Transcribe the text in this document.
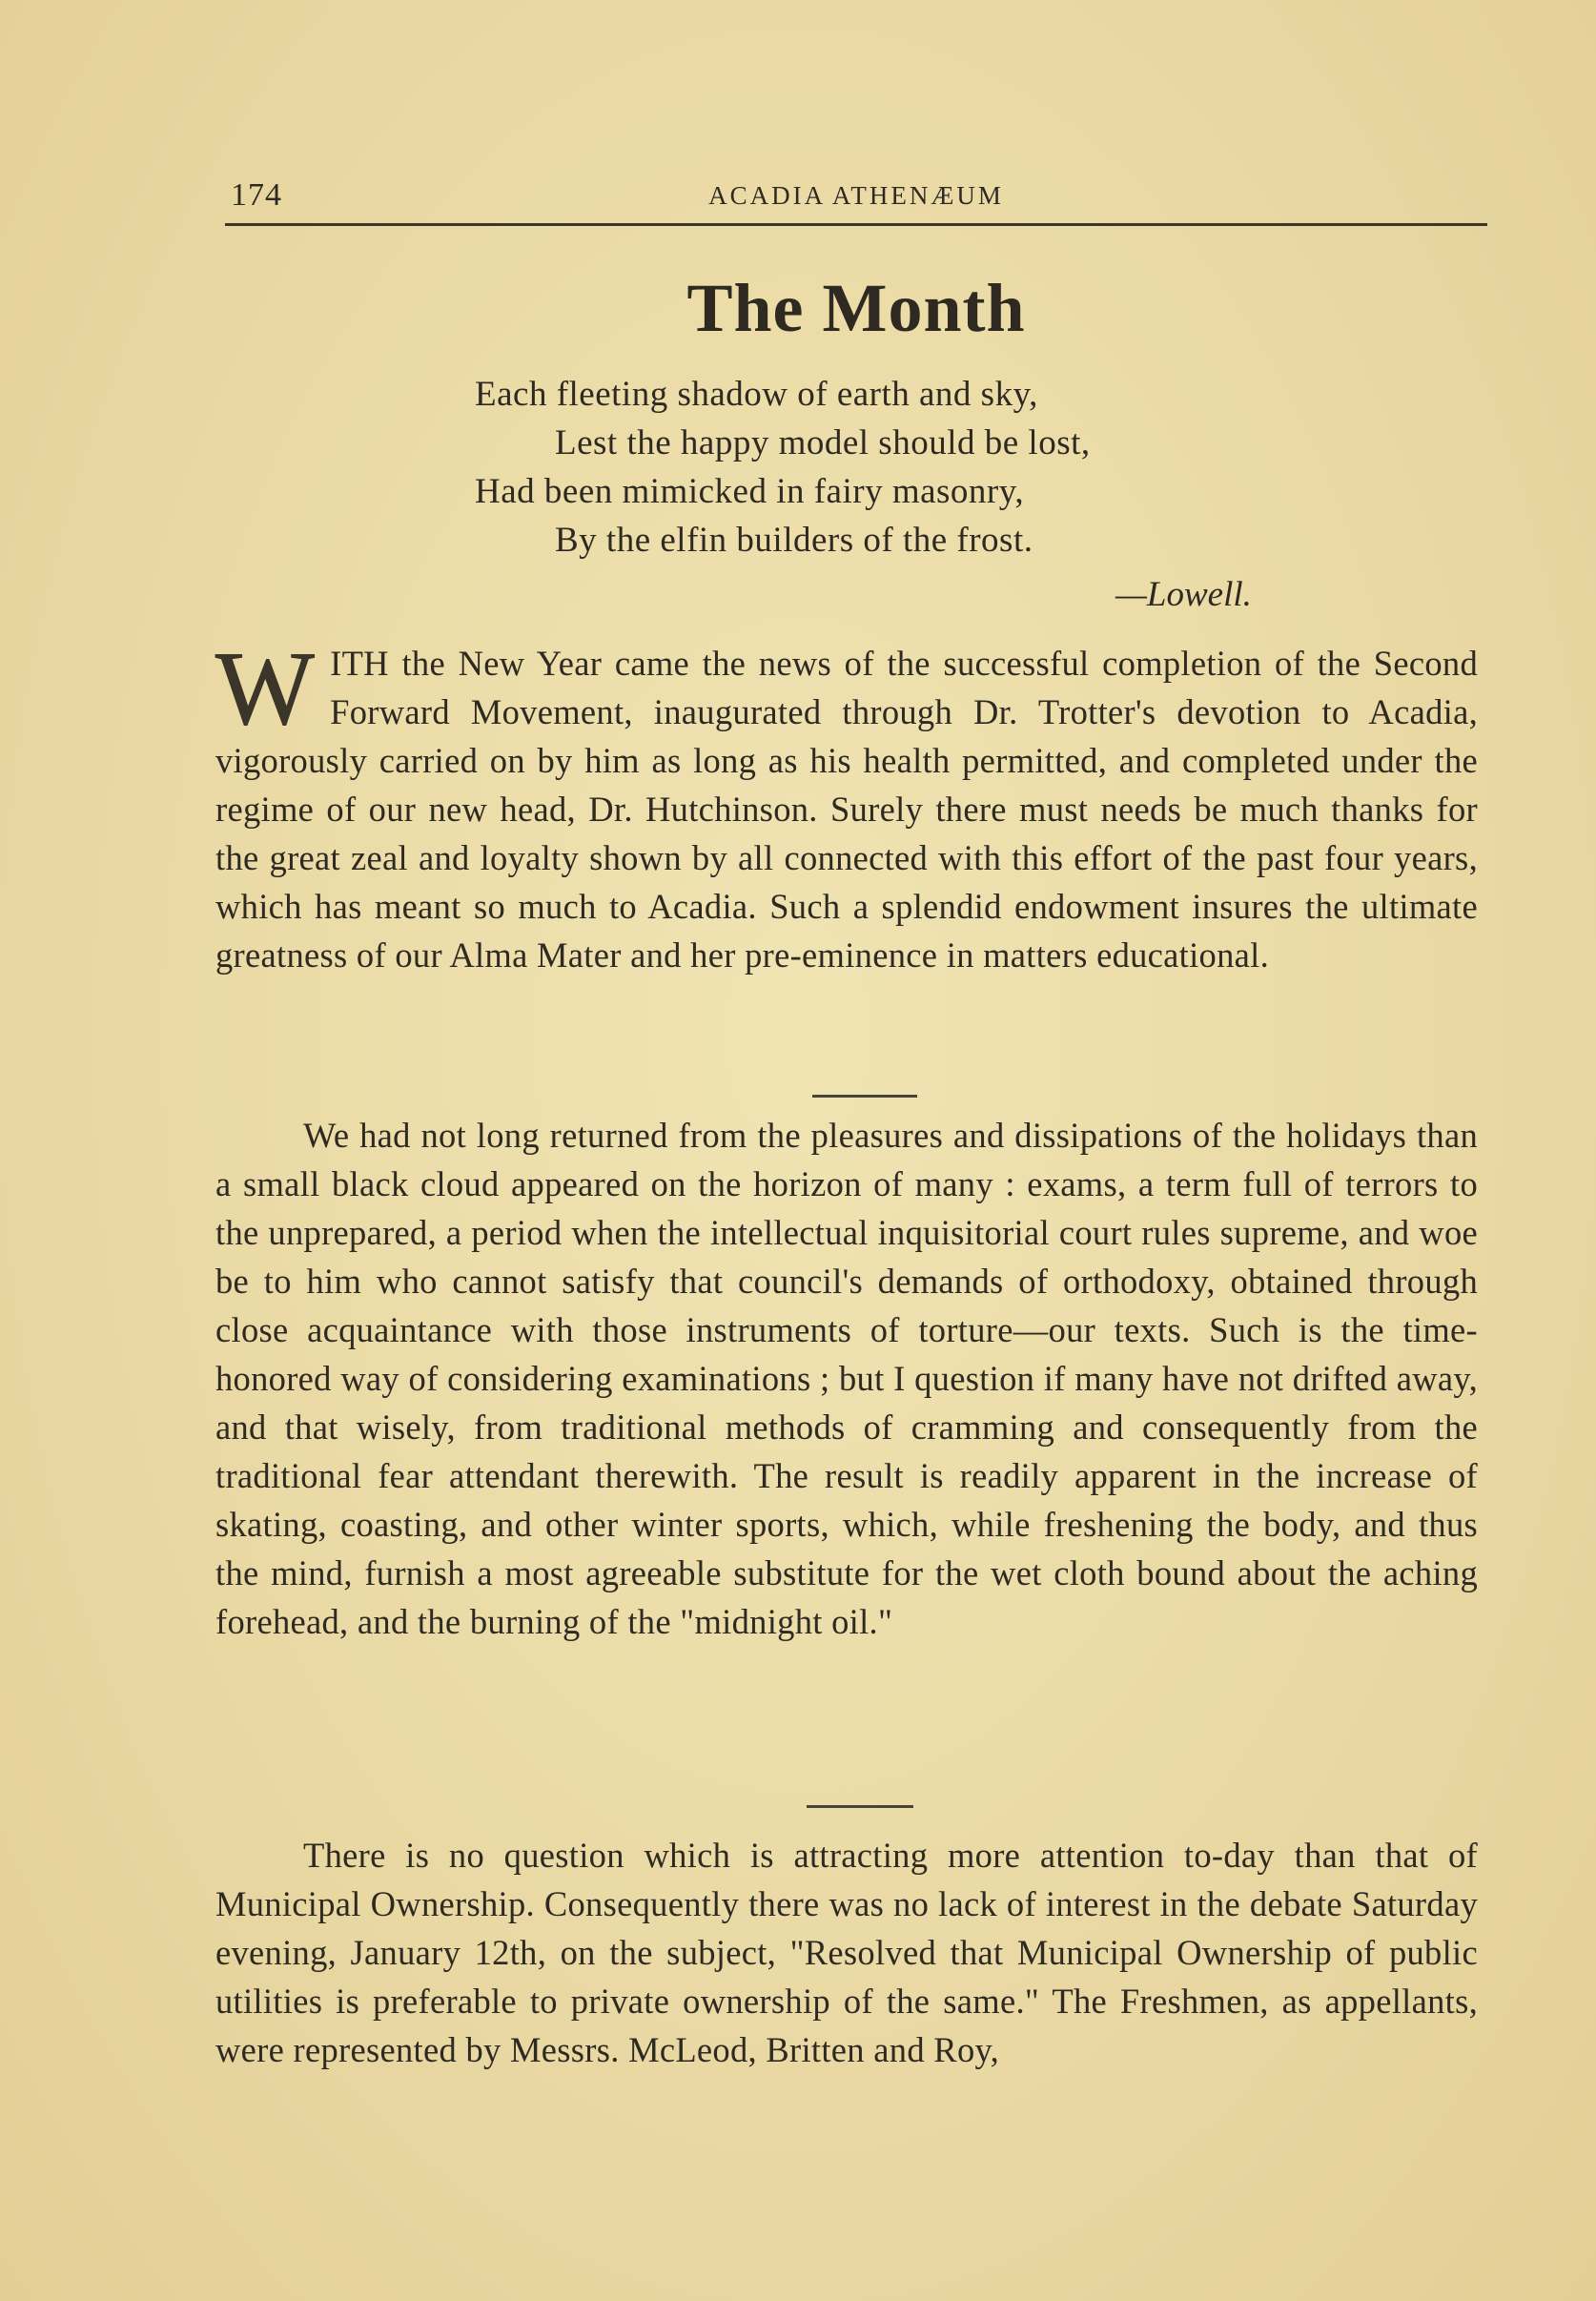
174	ACADIA ATHENÆUM
The Month
Each fleeting shadow of earth and sky,
Lest the happy model should be lost,
Had been mimicked in fairy masonry,
By the elfin builders of the frost.
—Lowell.
WITH the New Year came the news of the successful completion of the Second Forward Movement, inaugurated through Dr. Trotter's devotion to Acadia, vigorously carried on by him as long as his health permitted, and completed under the regime of our new head, Dr. Hutchinson. Surely there must needs be much thanks for the great zeal and loyalty shown by all connected with this effort of the past four years, which has meant so much to Acadia. Such a splendid endowment insures the ultimate greatness of our Alma Mater and her pre-eminence in matters educational.
We had not long returned from the pleasures and dissipations of the holidays than a small black cloud appeared on the horizon of many : exams, a term full of terrors to the unprepared, a period when the intellectual inquisitorial court rules supreme, and woe be to him who cannot satisfy that council's demands of orthodoxy, obtained through close acquaintance with those instruments of torture—our texts. Such is the time-honored way of considering examinations ; but I question if many have not drifted away, and that wisely, from traditional methods of cramming and consequently from the traditional fear attendant therewith. The result is readily apparent in the increase of skating, coasting, and other winter sports, which, while freshening the body, and thus the mind, furnish a most agreeable substitute for the wet cloth bound about the aching forehead, and the burning of the "midnight oil."
There is no question which is attracting more attention to-day than that of Municipal Ownership. Consequently there was no lack of interest in the debate Saturday evening, January 12th, on the subject, "Resolved that Municipal Ownership of public utilities is preferable to private ownership of the same." The Freshmen, as appellants, were represented by Messrs. McLeod, Britten and Roy,
